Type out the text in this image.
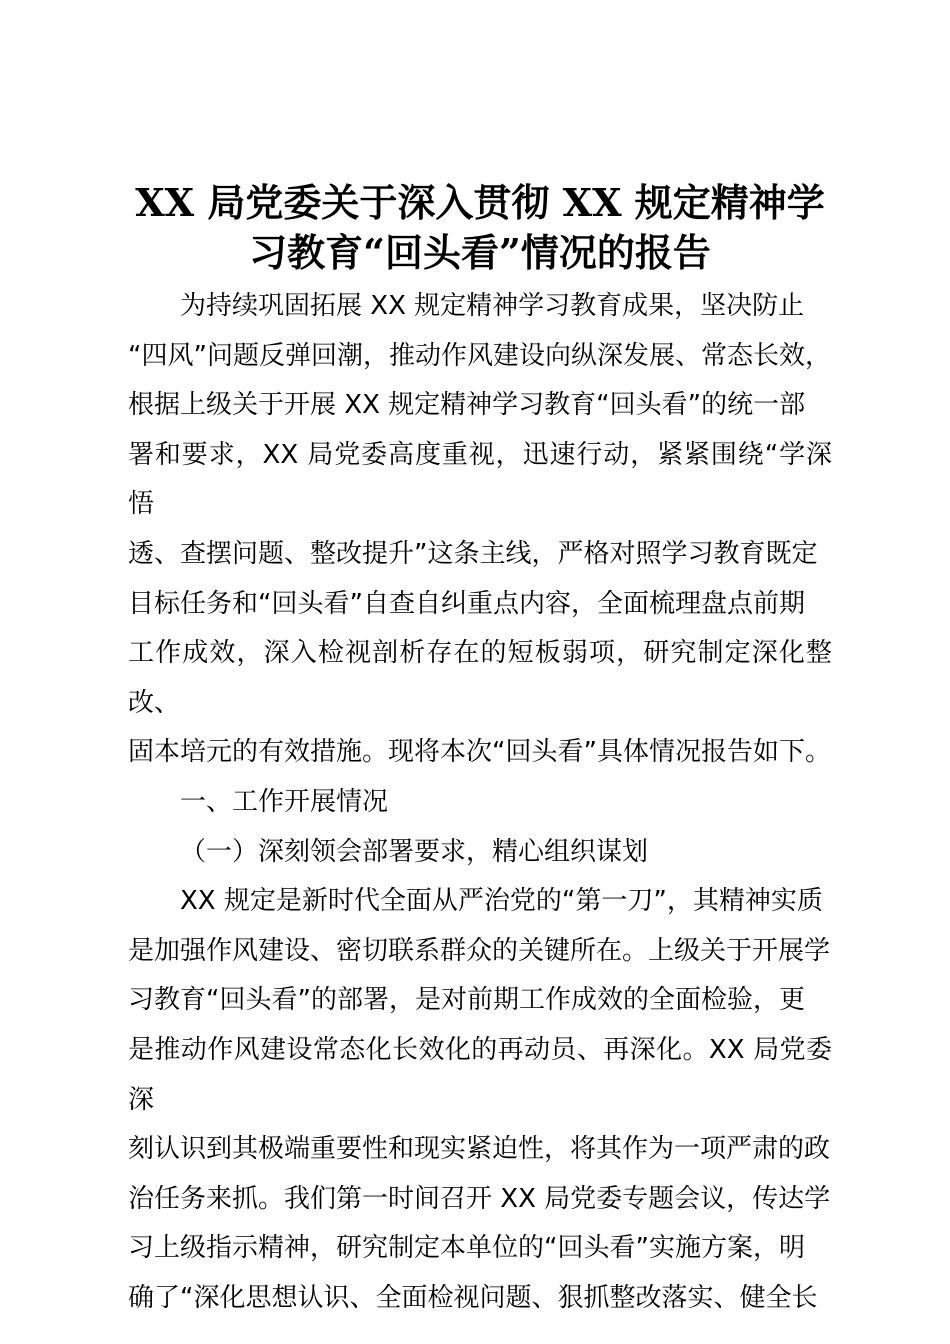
XX 局党委关于深入贯彻 XX 规定精神学
习教育“回头看”情况的报告
为持续巩固拓展 XX 规定精神学习教育成果，坚决防止
“四风”问题反弹回潮，推动作风建设向纵深发展、常态长效，
根据上级关于开展 XX 规定精神学习教育“回头看”的统一部
署和要求，XX 局党委高度重视，迅速行动，紧紧围绕“学深悟
透、查摆问题、整改提升”这条主线，严格对照学习教育既定
目标任务和“回头看”自查自纠重点内容，全面梳理盘点前期
工作成效，深入检视剖析存在的短板弱项，研究制定深化整改、
固本培元的有效措施。现将本次“回头看”具体情况报告如下。
一、工作开展情况
（一）深刻领会部署要求，精心组织谋划
XX 规定是新时代全面从严治党的“第一刀”，其精神实质
是加强作风建设、密切联系群众的关键所在。上级关于开展学
习教育“回头看”的部署，是对前期工作成效的全面检验，更
是推动作风建设常态化长效化的再动员、再深化。XX 局党委深
刻认识到其极端重要性和现实紧迫性，将其作为一项严肃的政
治任务来抓。我们第一时间召开 XX 局党委专题会议，传达学
习上级指示精神，研究制定本单位的“回头看”实施方案，明
确了“深化思想认识、全面检视问题、狠抓整改落实、健全长
